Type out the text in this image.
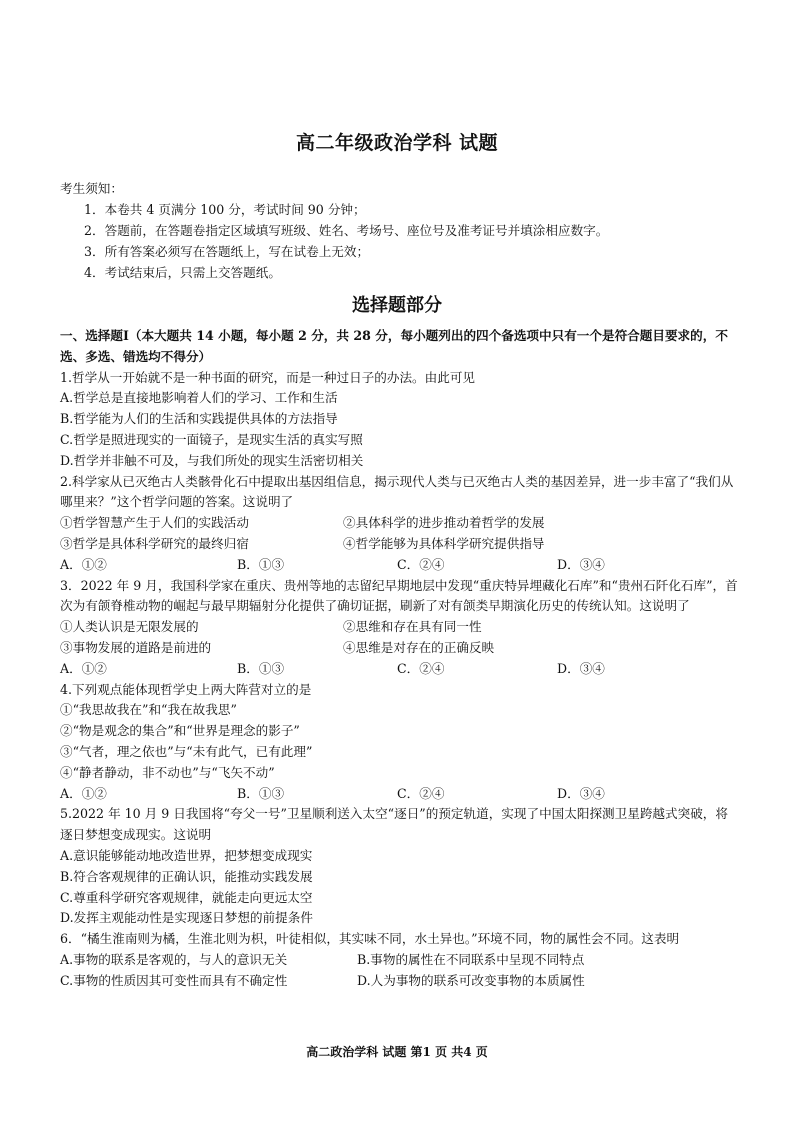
高二年级政治学科 试题
考生须知：
1．本卷共 4 页满分 100 分，考试时间 90 分钟；
2．答题前，在答题卷指定区域填写班级、姓名、考场号、座位号及准考证号并填涂相应数字。
3．所有答案必须写在答题纸上，写在试卷上无效；
4．考试结束后，只需上交答题纸。
选择题部分
一、选择题Ⅰ（本大题共 14 小题，每小题 2 分，共 28 分，每小题列出的四个备选项中只有一个是符合题目要求的，不选、多选、错选均不得分）
1.哲学从一开始就不是一种书面的研究，而是一种过日子的办法。由此可见
A.哲学总是直接地影响着人们的学习、工作和生活
B.哲学能为人们的生活和实践提供具体的方法指导
C.哲学是照进现实的一面镜子，是现实生活的真实写照
D.哲学并非触不可及，与我们所处的现实生活密切相关
2.科学家从已灭绝古人类骸骨化石中提取出基因组信息，揭示现代人类与已灭绝古人类的基因差异，进一步丰富了“我们从哪里来？”这个哲学问题的答案。这说明了
①哲学智慧产生于人们的实践活动	②具体科学的进步推动着哲学的发展
③哲学是具体科学研究的最终归宿	④哲学能够为具体科学研究提供指导
A．①②	B．①③	C．②④	D．③④
3．2022 年 9 月，我国科学家在重庆、贵州等地的志留纪早期地层中发现“重庆特异埋藏化石库”和“贵州石阡化石库”，首次为有颌脊椎动物的崛起与最早期辐射分化提供了确切证据，刷新了对有颌类早期演化历史的传统认知。这说明了
①人类认识是无限发展的	②思维和存在具有同一性
③事物发展的道路是前进的	④思维是对存在的正确反映
A．①②	B．①③	C．②④	D．③④
4.下列观点能体现哲学史上两大阵营对立的是
①“我思故我在”和“我在故我思”
②“物是观念的集合”和“世界是理念的影子”
③“气者，理之依也”与“未有此气，已有此理”
④“静者静动，非不动也”与“飞矢不动”
A．①②	B．①③	C．②④	D．③④
5.2022 年 10 月 9 日我国将“夸父一号”卫星顺利送入太空“逐日”的预定轨道，实现了中国太阳探测卫星跨越式突破，将逐日梦想变成现实。这说明
A.意识能够能动地改造世界，把梦想变成现实
B.符合客观规律的正确认识，能推动实践发展
C.尊重科学研究客观规律，就能走向更远太空
D.发挥主观能动性是实现逐日梦想的前提条件
6．“橘生淮南则为橘，生淮北则为枳，叶徒相似，其实味不同，水土异也。”环境不同，物的属性会不同。这表明
A.事物的联系是客观的，与人的意识无关	B.事物的属性在不同联系中呈现不同特点
C.事物的性质因其可变性而具有不确定性	D.人为事物的联系可改变事物的本质属性
高二政治学科 试题 第1 页 共4 页
